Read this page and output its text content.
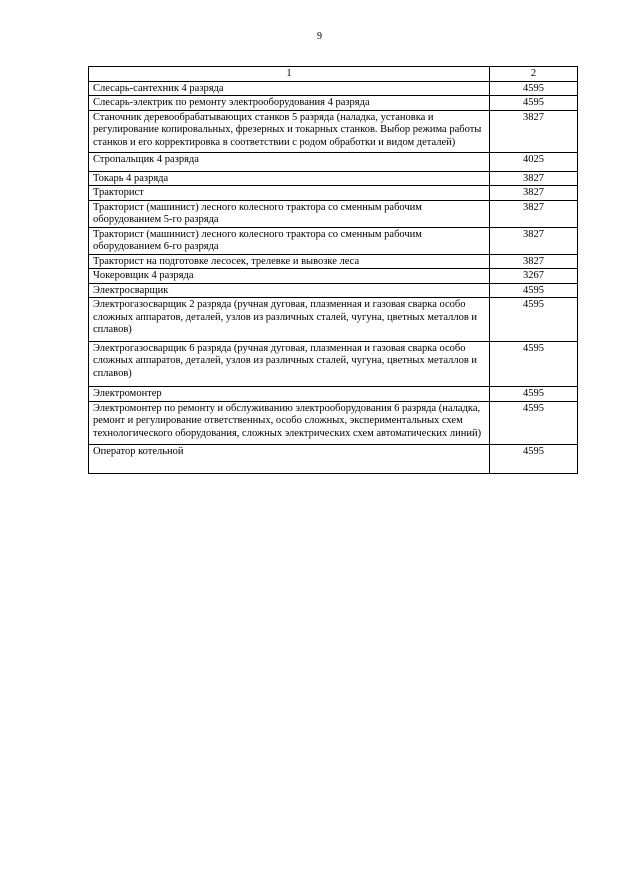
9
1	2
Слесарь-сантехник 4 разряда	4595
Слесарь-электрик по ремонту электрооборудования 4 разряда	4595
Станочник деревообрабатывающих станков 5 разряда (наладка, установка и регулирование копировальных, фрезерных и токарных станков. Выбор режима работы станков и его корректировка в соответствии с родом обработки и видом деталей)	3827
Стропальщик 4 разряда	4025
Токарь 4 разряда	3827
Тракторист	3827
Тракторист (машинист) лесного колесного трактора со сменным рабочим оборудованием 5-го разряда	3827
Тракторист (машинист) лесного колесного трактора со сменным рабочим оборудованием 6-го разряда	3827
Тракторист на подготовке лесосек, трелевке и вывозке леса	3827
Чокеровщик 4 разряда	3267
Электросварщик	4595
Электрогазосварщик 2 разряда (ручная дуговая, плазменная и газовая сварка особо сложных аппаратов, деталей, узлов из различных сталей, чугуна, цветных металлов и сплавов)	4595
Электрогазосварщик 6 разряда (ручная дуговая, плазменная и газовая сварка особо сложных аппаратов, деталей, узлов из различных сталей, чугуна, цветных металлов и сплавов)	4595
Электромонтер	4595
Электромонтер по ремонту и обслуживанию электрооборудования 6 разряда (наладка, ремонт и регулирование ответственных, особо сложных, экспериментальных схем технологического оборудования, сложных электрических схем автоматических линий)	4595
Оператор котельной	4595
